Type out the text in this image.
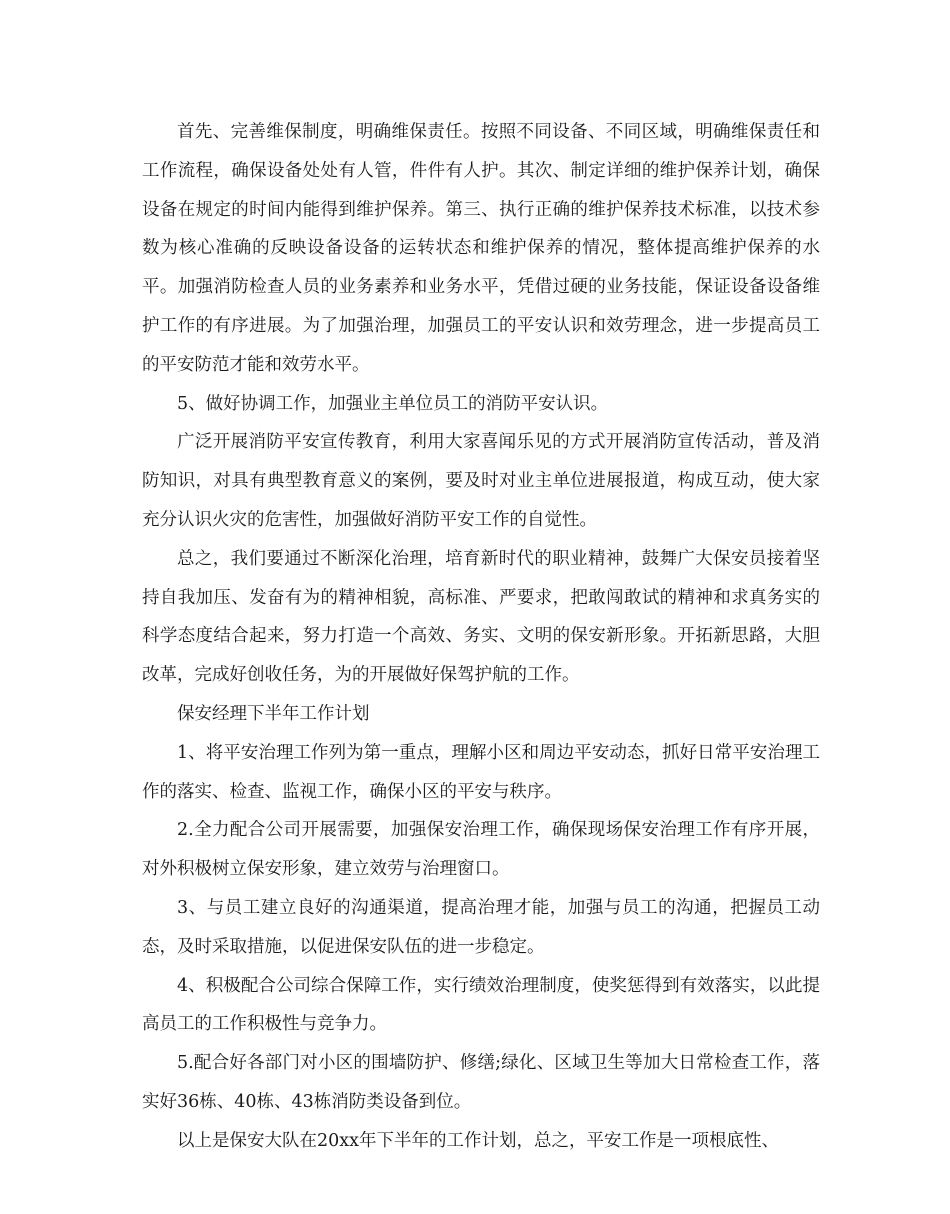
首先、完善维保制度，明确维保责任。按照不同设备、不同区域，明确维保责任和工作流程，确保设备处处有人管，件件有人护。其次、制定详细的维护保养计划，确保设备在规定的时间内能得到维护保养。第三、执行正确的维护保养技术标准，以技术参数为核心准确的反映设备设备的运转状态和维护保养的情况，整体提高维护保养的水平。加强消防检查人员的业务素养和业务水平，凭借过硬的业务技能，保证设备设备维护工作的有序进展。为了加强治理，加强员工的平安认识和效劳理念，进一步提高员工的平安防范才能和效劳水平。

5、做好协调工作，加强业主单位员工的消防平安认识。

广泛开展消防平安宣传教育，利用大家喜闻乐见的方式开展消防宣传活动，普及消防知识，对具有典型教育意义的案例，要及时对业主单位进展报道，构成互动，使大家充分认识火灾的危害性，加强做好消防平安工作的自觉性。

总之，我们要通过不断深化治理，培育新时代的职业精神，鼓舞广大保安员接着坚持自我加压、发奋有为的精神相貌，高标准、严要求，把敢闯敢试的精神和求真务实的科学态度结合起来，努力打造一个高效、务实、文明的保安新形象。开拓新思路，大胆改革，完成好创收任务，为的开展做好保驾护航的工作。

保安经理下半年工作计划

1、将平安治理工作列为第一重点，理解小区和周边平安动态，抓好日常平安治理工作的落实、检查、监视工作，确保小区的平安与秩序。

2.全力配合公司开展需要，加强保安治理工作，确保现场保安治理工作有序开展，对外积极树立保安形象，建立效劳与治理窗口。

3、与员工建立良好的沟通渠道，提高治理才能，加强与员工的沟通，把握员工动态，及时采取措施，以促进保安队伍的进一步稳定。

4、积极配合公司综合保障工作，实行绩效治理制度，使奖惩得到有效落实，以此提高员工的工作积极性与竞争力。

5.配合好各部门对小区的围墙防护、修缮;绿化、区域卫生等加大日常检查工作，落实好36栋、40栋、43栋消防类设备到位。

以上是保安大队在20xx年下半年的工作计划，总之，平安工作是一项根底性、
